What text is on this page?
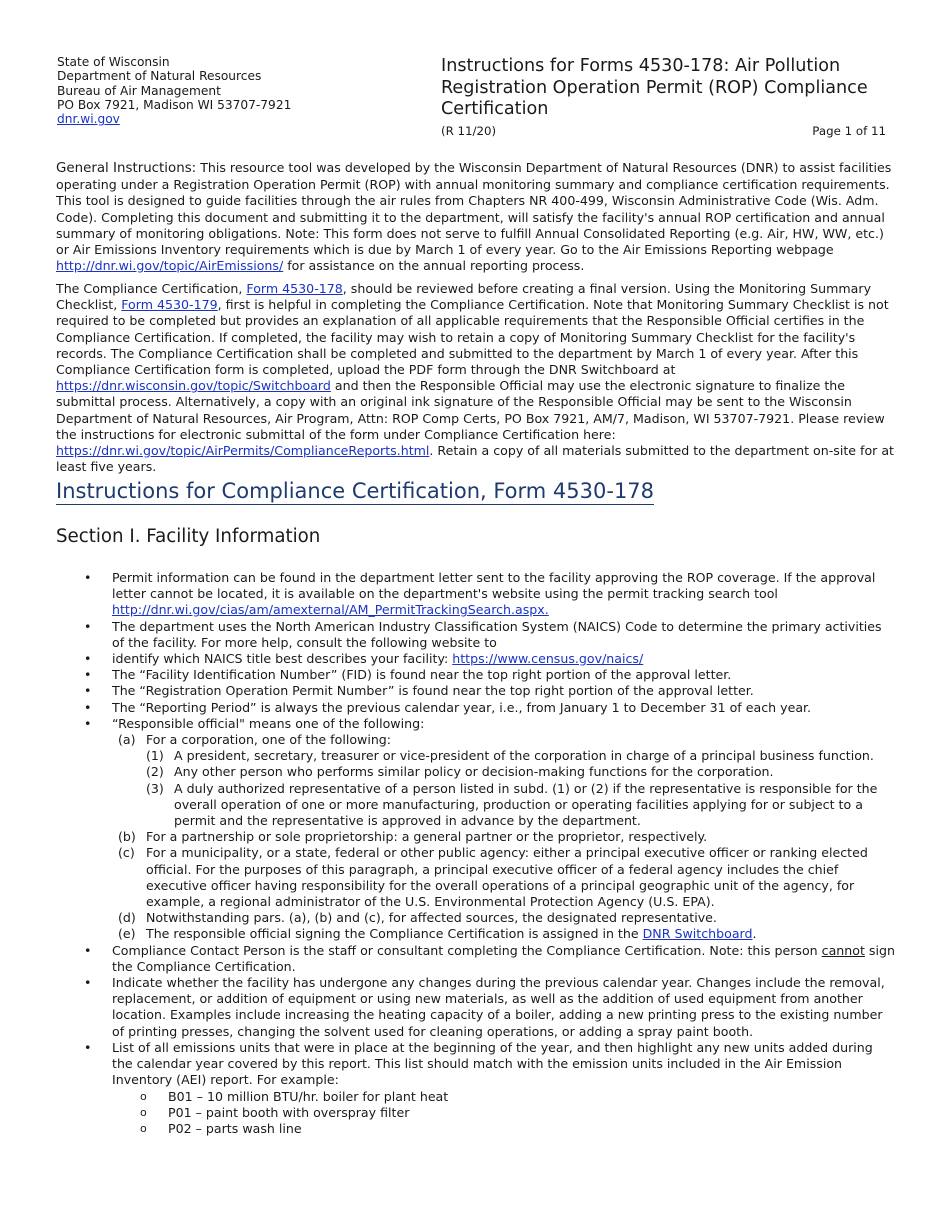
State of Wisconsin
Department of Natural Resources
Bureau of Air Management
PO Box 7921, Madison WI 53707-7921
dnr.wi.gov
Instructions for Forms 4530-178: Air Pollution Registration Operation Permit (ROP) Compliance Certification
(R 11/20)	Page 1 of 11
General Instructions: This resource tool was developed by the Wisconsin Department of Natural Resources (DNR) to assist facilities operating under a Registration Operation Permit (ROP) with annual monitoring summary and compliance certification requirements. This tool is designed to guide facilities through the air rules from Chapters NR 400-499, Wisconsin Administrative Code (Wis. Adm. Code). Completing this document and submitting it to the department, will satisfy the facility's annual ROP certification and annual summary of monitoring obligations. Note: This form does not serve to fulfill Annual Consolidated Reporting (e.g. Air, HW, WW, etc.) or Air Emissions Inventory requirements which is due by March 1 of every year. Go to the Air Emissions Reporting webpage http://dnr.wi.gov/topic/AirEmissions/ for assistance on the annual reporting process.
The Compliance Certification, Form 4530-178, should be reviewed before creating a final version. Using the Monitoring Summary Checklist, Form 4530-179, first is helpful in completing the Compliance Certification. Note that Monitoring Summary Checklist is not required to be completed but provides an explanation of all applicable requirements that the Responsible Official certifies in the Compliance Certification. If completed, the facility may wish to retain a copy of Monitoring Summary Checklist for the facility's records. The Compliance Certification shall be completed and submitted to the department by March 1 of every year. After this Compliance Certification form is completed, upload the PDF form through the DNR Switchboard at https://dnr.wisconsin.gov/topic/Switchboard and then the Responsible Official may use the electronic signature to finalize the submittal process. Alternatively, a copy with an original ink signature of the Responsible Official may be sent to the Wisconsin Department of Natural Resources, Air Program, Attn: ROP Comp Certs, PO Box 7921, AM/7, Madison, WI 53707-7921. Please review the instructions for electronic submittal of the form under Compliance Certification here: https://dnr.wi.gov/topic/AirPermits/ComplianceReports.html. Retain a copy of all materials submitted to the department on-site for at least five years.
Instructions for Compliance Certification, Form 4530-178
Section I. Facility Information
• Permit information can be found in the department letter sent to the facility approving the ROP coverage. If the approval letter cannot be located, it is available on the department's website using the permit tracking search tool http://dnr.wi.gov/cias/am/amexternal/AM_PermitTrackingSearch.aspx.
• The department uses the North American Industry Classification System (NAICS) Code to determine the primary activities of the facility. For more help, consult the following website to
• identify which NAICS title best describes your facility: https://www.census.gov/naics/
• The “Facility Identification Number” (FID) is found near the top right portion of the approval letter.
• The “Registration Operation Permit Number” is found near the top right portion of the approval letter.
• The “Reporting Period” is always the previous calendar year, i.e., from January 1 to December 31 of each year.
• “Responsible official" means one of the following:
(a) For a corporation, one of the following:
(1) A president, secretary, treasurer or vice-president of the corporation in charge of a principal business function.
(2) Any other person who performs similar policy or decision-making functions for the corporation.
(3) A duly authorized representative of a person listed in subd. (1) or (2) if the representative is responsible for the overall operation of one or more manufacturing, production or operating facilities applying for or subject to a permit and the representative is approved in advance by the department.
(b) For a partnership or sole proprietorship: a general partner or the proprietor, respectively.
(c) For a municipality, or a state, federal or other public agency: either a principal executive officer or ranking elected official. For the purposes of this paragraph, a principal executive officer of a federal agency includes the chief executive officer having responsibility for the overall operations of a principal geographic unit of the agency, for example, a regional administrator of the U.S. Environmental Protection Agency (U.S. EPA).
(d) Notwithstanding pars. (a), (b) and (c), for affected sources, the designated representative.
(e) The responsible official signing the Compliance Certification is assigned in the DNR Switchboard.
• Compliance Contact Person is the staff or consultant completing the Compliance Certification. Note: this person cannot sign the Compliance Certification.
• Indicate whether the facility has undergone any changes during the previous calendar year. Changes include the removal, replacement, or addition of equipment or using new materials, as well as the addition of used equipment from another location. Examples include increasing the heating capacity of a boiler, adding a new printing press to the existing number of printing presses, changing the solvent used for cleaning operations, or adding a spray paint booth.
• List of all emissions units that were in place at the beginning of the year, and then highlight any new units added during the calendar year covered by this report. This list should match with the emission units included in the Air Emission Inventory (AEI) report. For example:
o B01 – 10 million BTU/hr. boiler for plant heat
o P01 – paint booth with overspray filter
o P02 – parts wash line
